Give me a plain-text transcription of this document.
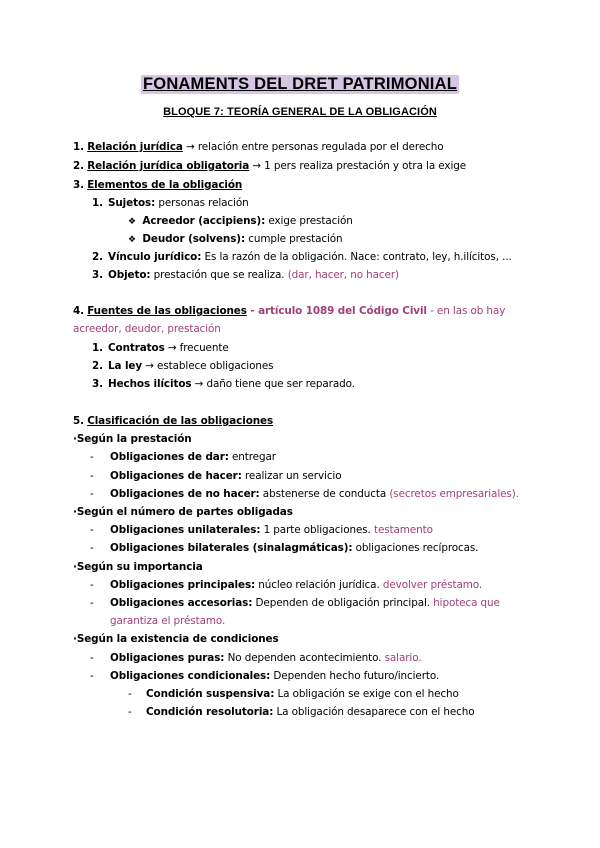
FONAMENTS DEL DRET PATRIMONIAL
BLOQUE 7: TEORÍA GENERAL DE LA OBLIGACIÓN
1. Relación jurídica → relación entre personas regulada por el derecho
2. Relación jurídica obligatoria → 1 pers realiza prestación y otra la exige
3. Elementos de la obligación
1. Sujetos: personas relación
❖ Acreedor (accipiens): exige prestación
❖ Deudor (solvens): cumple prestación
2. Vínculo jurídico: Es la razón de la obligación. Nace: contrato, ley, h.ilícitos, ...
3. Objeto: prestación que se realiza. (dar, hacer, no hacer)
4. Fuentes de las obligaciones - artículo 1089 del Código Civil - en las ob hay
acreedor, deudor, prestación
1. Contratos → frecuente
2. La ley → establece obligaciones
3. Hechos ilícitos → daño tiene que ser reparado.
5. Clasificación de las obligaciones
·Según la prestación
- Obligaciones de dar: entregar
- Obligaciones de hacer: realizar un servicio
- Obligaciones de no hacer: abstenerse de conducta (secretos empresariales).
·Según el número de partes obligadas
- Obligaciones unilaterales: 1 parte obligaciones. testamento
- Obligaciones bilaterales (sinalagmáticas): obligaciones recíprocas.
·Según su importancia
- Obligaciones principales: núcleo relación jurídica. devolver préstamo.
- Obligaciones accesorias: Dependen de obligación principal. hipoteca que
garantiza el préstamo.
·Según la existencia de condiciones
- Obligaciones puras: No dependen acontecimiento. salario.
- Obligaciones condicionales: Dependen hecho futuro/incierto.
- Condición suspensiva: La obligación se exige con el hecho
- Condición resolutoria: La obligación desaparece con el hecho
